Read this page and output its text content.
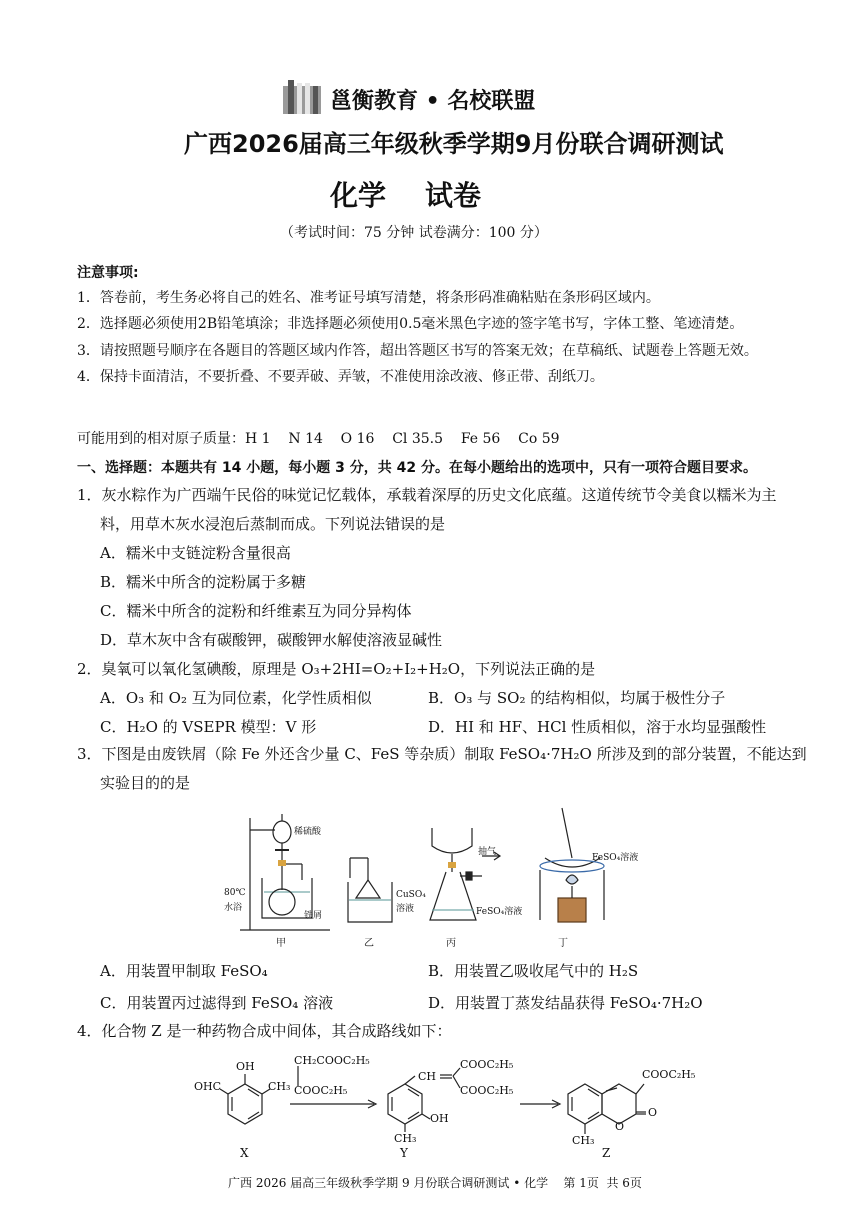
邕衡教育 • 名校联盟
广西2026届高三年级秋季学期9月份联合调研测试
化学    试卷
（考试时间：75 分钟 试卷满分：100 分）
注意事项:
1．答卷前，考生务必将自己的姓名、准考证号填写清楚，将条形码准确粘贴在条形码区域内。
2．选择题必须使用2B铅笔填涂；非选择题必须使用0.5毫米黑色字迹的签字笔书写，字体工整、笔迹清楚。
3．请按照题号顺序在各题目的答题区域内作答，超出答题区书写的答案无效；在草稿纸、试题卷上答题无效。
4．保持卡面清洁，不要折叠、不要弄破、弄皱，不准使用涂改液、修正带、刮纸刀。
可能用到的相对原子质量：H 1    N 14    O 16    Cl 35.5    Fe 56    Co 59
一、选择题：本题共有 14 小题，每小题 3 分，共 42 分。在每小题给出的选项中，只有一项符合题目要求。
1．灰水粽作为广西端午民俗的味觉记忆载体，承载着深厚的历史文化底蕴。这道传统节令美食以糯米为主
料，用草木灰水浸泡后蒸制而成。下列说法错误的是
A．糯米中支链淀粉含量很高
B．糯米中所含的淀粉属于多糖
C．糯米中所含的淀粉和纤维素互为同分异构体
D．草木灰中含有碳酸钾，碳酸钾水解使溶液显碱性
2．臭氧可以氧化氢碘酸，原理是 O₃+2HI=O₂+I₂+H₂O，下列说法正确的是
A．O₃ 和 O₂ 互为同位素，化学性质相似	B．O₃ 与 SO₂ 的结构相似，均属于极性分子
C．H₂O 的 VSEPR 模型：V 形	D．HI 和 HF、HCl 性质相似，溶于水均显强酸性
3．下图是由废铁屑（除 Fe 外还含少量 C、FeS 等杂质）制取 FeSO₄·7H₂O 所涉及到的部分装置，不能达到
实验目的的是
稀硫酸
80℃
水浴
铁屑
CuSO₄
溶液
抽气
FeSO₄溶液
FeSO₄溶液
甲	乙	丙	丁
A．用装置甲制取 FeSO₄	B．用装置乙吸收尾气中的 H₂S
C．用装置丙过滤得到 FeSO₄ 溶液	D．用装置丁蒸发结晶获得 FeSO₄·7H₂O
4．化合物 Z 是一种药物合成中间体，其合成路线如下：
OHC
OH
CH₃
X
CH₂COOC₂H₅
COOC₂H₅
CH
COOC₂H₅
COOC₂H₅
OH
CH₃
Y
COOC₂H₅
O
O
CH₃
Z
广西 2026 届高三年级秋季学期 9 月份联合调研测试 • 化学    第 1页  共 6页
